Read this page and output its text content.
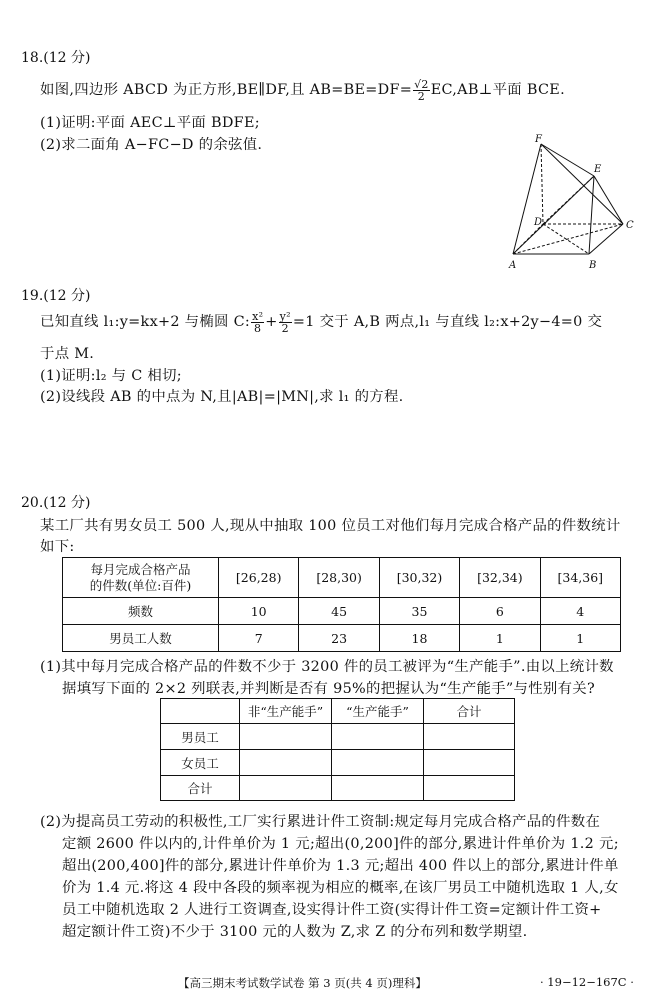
18.(12 分)
如图,四边形 ABCD 为正方形,BE∥DF,且 $AB=BE=DF= \frac{√2}{2}$ EC,AB⊥平面 BCE.
(1)证明:平面 AEC⊥平面 BDFE;
(2)求二面角 A−FC−D 的余弦值.	F
E
D	C
A	B
19.(12 分)
已知直线 l₁:y=kx+2 与椭圆 C: $\frac{\text{x²}}{8} + \frac{\text{y²}}{2} =1$ 交于 A,B 两点,l₁ 与直线 l₂:x+2y−4=0 交
于点 M.
(1)证明:l₂ 与 C 相切;
(2)设线段 AB 的中点为 N,且|AB|=|MN|,求 l₁ 的方程.
20.(12 分)
某工厂共有男女员工 500 人,现从中抽取 100 位员工对他们每月完成合格产品的件数统计
如下:
每月完成合格产品
的件数(单位:百件)	[26,28)	[28,30)	[30,32)	[32,34)	[34,36]
频数	10	45	35	6	4
男员工人数	7	23	18	1	1
(1)其中每月完成合格产品的件数不少于 3200 件的员工被评为“生产能手”.由以上统计数
据填写下面的 2×2 列联表,并判断是否有 95%的把握认为“生产能手”与性别有关?
	非“生产能手”	“生产能手”	合计
男员工			
女员工			
合计			
(2)为提高员工劳动的积极性,工厂实行累进计件工资制:规定每月完成合格产品的件数在
定额 2600 件以内的,计件单价为 1 元;超出(0,200]件的部分,累进计件单价为 1.2 元;
超出(200,400]件的部分,累进计件单价为 1.3 元;超出 400 件以上的部分,累进计件单
价为 1.4 元.将这 4 段中各段的频率视为相应的概率,在该厂男员工中随机选取 1 人,女
员工中随机选取 2 人进行工资调查,设实得计件工资(实得计件工资=定额计件工资+
超定额计件工资)不少于 3100 元的人数为 Z,求 Z 的分布列和数学期望.
【高三期末考试数学试卷 第 3 页(共 4 页)理科】	· 19−12−167C ·
